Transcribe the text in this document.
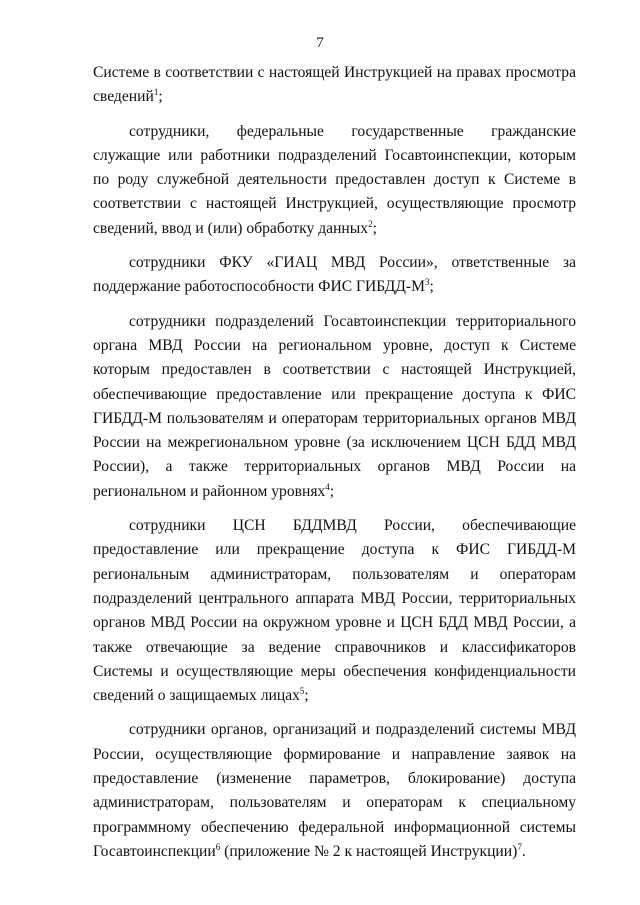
7

Системе в соответствии с настоящей Инструкцией на правах просмотра сведений$^1$;

сотрудники, федеральные государственные гражданские служащие или работники подразделений Госавтоинспекции, которым по роду служебной деятельности предоставлен доступ к Системе в соответствии с настоящей Инструкцией, осуществляющие просмотр сведений, ввод и (или) обработку данных$^2$;

сотрудники ФКУ «ГИАЦ МВД России», ответственные за поддержание работоспособности ФИС ГИБДД-$М^3$;

сотрудники подразделений Госавтоинспекции территориального органа МВД России на региональном уровне, доступ к Системе которым предоставлен в соответствии с настоящей Инструкцией, обеспечивающие предоставление или прекращение доступа к ФИС ГИБДД-М пользователям и операторам территориальных органов МВД России на межрегиональном уровне (за исключением ЦСН БДД МВД России), а также территориальных органов МВД России на региональном и районном уровнях$^4$;

сотрудники ЦСН БДДМВД России, обеспечивающие предоставление или прекращение доступа к ФИС ГИБДД-М региональным администраторам, пользователям и операторам подразделений центрального аппарата МВД России, территориальных органов МВД России на окружном уровне и ЦСН БДД МВД России, а также отвечающие за ведение справочников и классификаторов Системы и осуществляющие меры обеспечения конфиденциальности сведений о защищаемых лицах$^5$;

сотрудники органов, организаций и подразделений системы МВД России, осуществляющие формирование и направление заявок на предоставление (изменение параметров, блокирование) доступа администраторам, пользователям и операторам к специальному программному обеспечению федеральной информационной системы Госавтоинспекции$^6$ (приложение № 2 к настоящей Инструкции)$^7$.
